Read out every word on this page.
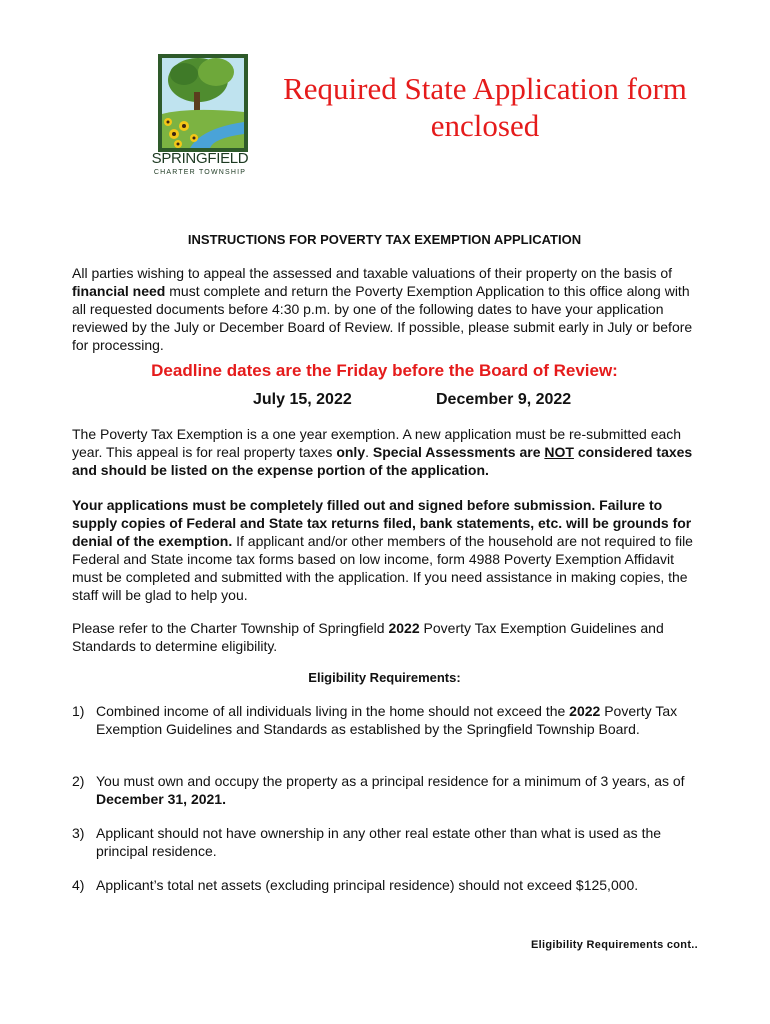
SPRINGFIELD
CHARTER TOWNSHIP
Required State Application form enclosed
INSTRUCTIONS FOR POVERTY TAX EXEMPTION APPLICATION

All parties wishing to appeal the assessed and taxable valuations of their property on the basis of financial need must complete and return the Poverty Exemption Application to this office along with all requested documents before 4:30 p.m. by one of the following dates to have your application reviewed by the July or December Board of Review. If possible, please submit early in July or before for processing.

Deadline dates are the Friday before the Board of Review:
July 15, 2022	December 9, 2022

The Poverty Tax Exemption is a one year exemption. A new application must be re-submitted each year. This appeal is for real property taxes only. Special Assessments are NOT considered taxes and should be listed on the expense portion of the application.

Your applications must be completely filled out and signed before submission. Failure to supply copies of Federal and State tax returns filed, bank statements, etc. will be grounds for denial of the exemption. If applicant and/or other members of the household are not required to file Federal and State income tax forms based on low income, form 4988 Poverty Exemption Affidavit must be completed and submitted with the application. If you need assistance in making copies, the staff will be glad to help you.

Please refer to the Charter Township of Springfield 2022 Poverty Tax Exemption Guidelines and Standards to determine eligibility.

Eligibility Requirements:
1) Combined income of all individuals living in the home should not exceed the 2022 Poverty Tax Exemption Guidelines and Standards as established by the Springfield Township Board.
2) You must own and occupy the property as a principal residence for a minimum of 3 years, as of December 31, 2021.
3) Applicant should not have ownership in any other real estate other than what is used as the principal residence.
4) Applicant’s total net assets (excluding principal residence) should not exceed $125,000.
Eligibility Requirements cont..
